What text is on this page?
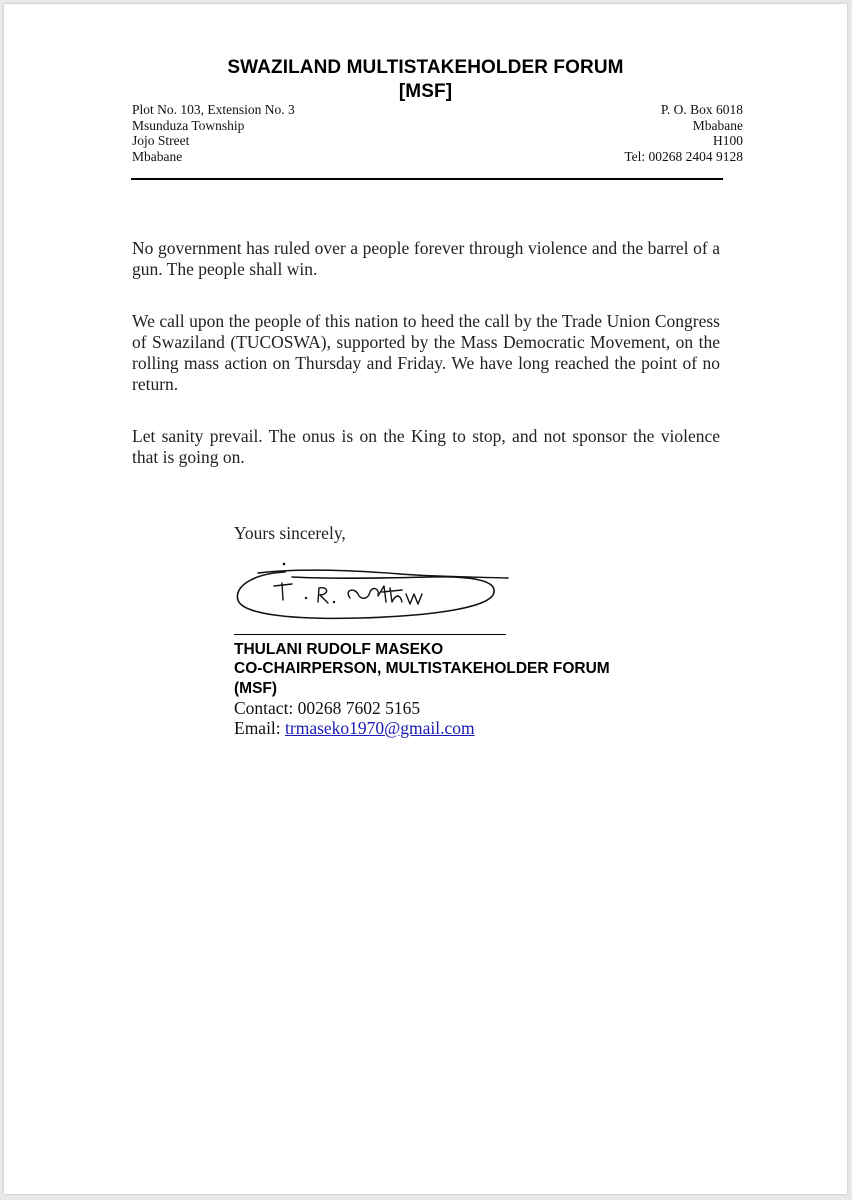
SWAZILAND MULTISTAKEHOLDER FORUM
[MSF]
Plot No. 103, Extension No. 3
Msunduza Township
Jojo Street
Mbabane
P. O. Box 6018
Mbabane
H100
Tel: 00268 2404 9128

No government has ruled over a people forever through violence and the barrel of a gun. The people shall win.

We call upon the people of this nation to heed the call by the Trade Union Congress of Swaziland (TUCOSWA), supported by the Mass Democratic Movement, on the rolling mass action on Thursday and Friday. We have long reached the point of no return.

Let sanity prevail. The onus is on the King to stop, and not sponsor the violence that is going on.

Yours sincerely,
THULANI RUDOLF MASEKO
CO-CHAIRPERSON, MULTISTAKEHOLDER FORUM
(MSF)
Contact: 00268 7602 5165
Email: trmaseko1970@gmail.com
